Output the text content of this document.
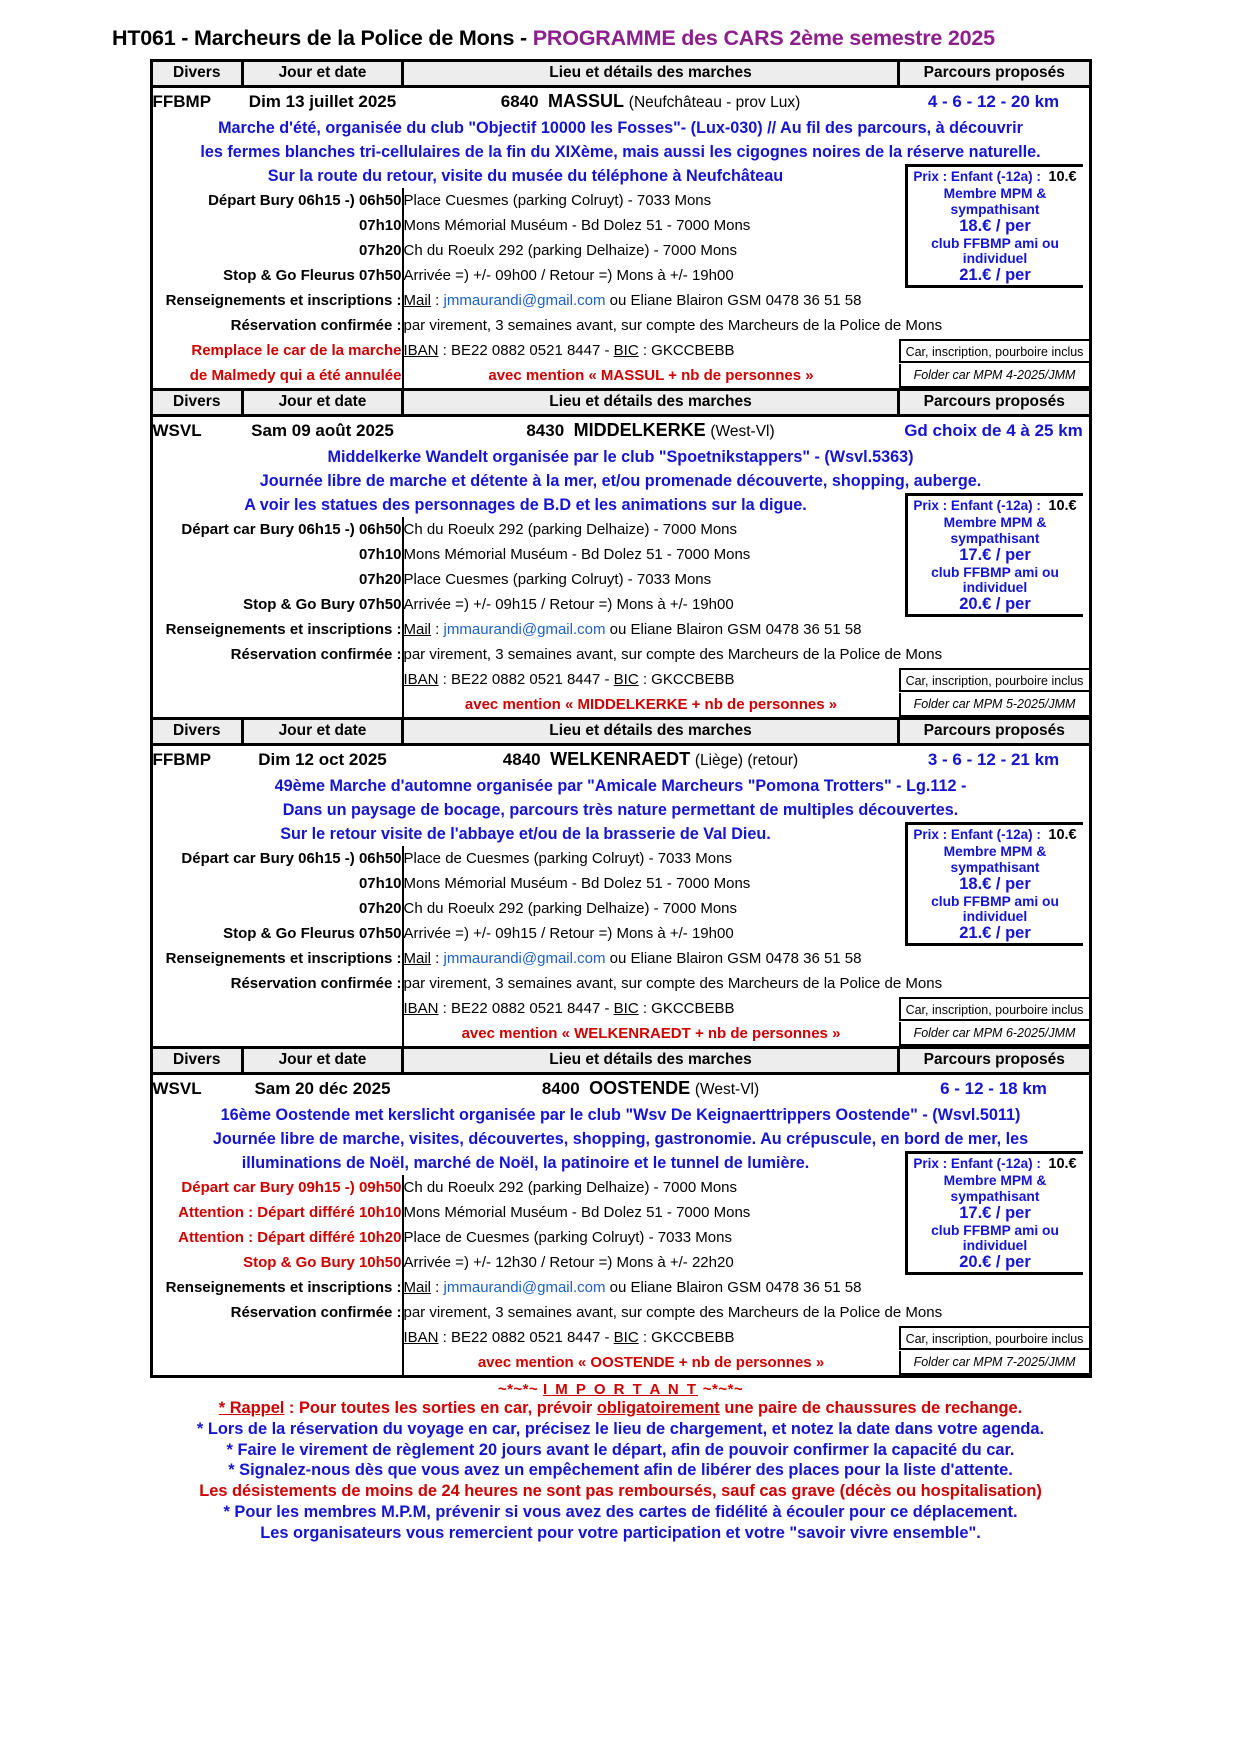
HT061 - Marcheurs de la Police de Mons - PROGRAMME des CARS 2ème semestre 2025
Divers	Jour et date	Lieu et détails des marches	Parcours proposés
FFBMP	Dim 13 juillet 2025	6840 MASSUL (Neufchâteau - prov Lux)	4 - 6 - 12 - 20 km
Marche d'été, organisée du club "Objectif 10000 les Fosses"- (Lux-030) // Au fil des parcours, à découvrir			
les fermes blanches tri-cellulaires de la fin du XIXème, mais aussi les cigognes noires de la réserve naturelle.			
Sur la route du retour, visite du musée du téléphone à Neufchâteau			Prix : Enfant (-12a) :  10.€
Membre MPM & sympathisant
18.€ / per
club FFBMP ami ou individuel
21.€ / per

Départ Bury 06h15 -) 06h50		Place Cuesmes (parking Colruyt) - 7033 Mons	
07h10		Mons Mémorial Muséum - Bd Dolez 51 - 7000 Mons	
07h20		Ch du Roeulx 292 (parking Delhaize) - 7000 Mons	
Stop & Go Fleurus 07h50		Arrivée =) +/- 09h00 / Retour =) Mons à +/- 19h00	
Renseignements et inscriptions :		Mail : jmmaurandi@gmail.com ou Eliane Blairon GSM 0478 36 51 58	
Réservation confirmée :		par virement, 3 semaines avant, sur compte des Marcheurs de la Police de Mons	
Remplace le car de la marche		IBAN : BE22 0882 0521 8447 - BIC : GKCCBEBB	Car, inscription, pourboire inclus

de Malmedy qui a été annulée		avec mention « MASSUL + nb de personnes »	Folder car MPM 4-2025/JMM

Divers	Jour et date	Lieu et détails des marches	Parcours proposés
WSVL	Sam 09 août 2025	8430 MIDDELKERKE (West-Vl)	Gd choix de 4 à 25 km
Middelkerke Wandelt organisée par le club "Spoetnikstappers" - (Wsvl.5363)			
Journée libre de marche et détente à la mer, et/ou promenade découverte, shopping, auberge.			
A voir les statues des personnages de B.D et les animations sur la digue.			Prix : Enfant (-12a) :  10.€
Membre MPM & sympathisant
17.€ / per
club FFBMP ami ou individuel
20.€ / per

Départ car Bury 06h15 -) 06h50		Ch du Roeulx 292 (parking Delhaize) - 7000 Mons	
07h10		Mons Mémorial Muséum - Bd Dolez 51 - 7000 Mons	
07h20		Place Cuesmes (parking Colruyt) - 7033 Mons	
Stop & Go Bury 07h50		Arrivée =) +/- 09h15 / Retour =) Mons à +/- 19h00	
Renseignements et inscriptions :		Mail : jmmaurandi@gmail.com ou Eliane Blairon GSM 0478 36 51 58	
Réservation confirmée :		par virement, 3 semaines avant, sur compte des Marcheurs de la Police de Mons	
		IBAN : BE22 0882 0521 8447 - BIC : GKCCBEBB	Car, inscription, pourboire inclus

		avec mention « MIDDELKERKE + nb de personnes »	Folder car MPM 5-2025/JMM

Divers	Jour et date	Lieu et détails des marches	Parcours proposés
FFBMP	Dim 12 oct 2025	4840 WELKENRAEDT (Liège) (retour)	3 - 6 - 12 - 21 km
49ème Marche d'automne organisée par "Amicale Marcheurs "Pomona Trotters" - Lg.112 -			
Dans un paysage de bocage, parcours très nature permettant de multiples découvertes.			
Sur le retour visite de l'abbaye et/ou de la brasserie de Val Dieu.			Prix : Enfant (-12a) :  10.€
Membre MPM & sympathisant
18.€ / per
club FFBMP ami ou individuel
21.€ / per

Départ car Bury 06h15 -) 06h50		Place de Cuesmes (parking Colruyt) - 7033 Mons	
07h10		Mons Mémorial Muséum - Bd Dolez 51 - 7000 Mons	
07h20		Ch du Roeulx 292 (parking Delhaize) - 7000 Mons	
Stop & Go Fleurus 07h50		Arrivée =) +/- 09h15 / Retour =) Mons à +/- 19h00	
Renseignements et inscriptions :		Mail : jmmaurandi@gmail.com ou Eliane Blairon GSM 0478 36 51 58	
Réservation confirmée :		par virement, 3 semaines avant, sur compte des Marcheurs de la Police de Mons	
		IBAN : BE22 0882 0521 8447 - BIC : GKCCBEBB	Car, inscription, pourboire inclus

		avec mention « WELKENRAEDT + nb de personnes »	Folder car MPM 6-2025/JMM

Divers	Jour et date	Lieu et détails des marches	Parcours proposés
WSVL	Sam 20 déc 2025	8400 OOSTENDE (West-Vl)	6 - 12 - 18 km
16ème Oostende met kerslicht organisée par le club "Wsv De Keignaerttrippers Oostende" - (Wsvl.5011)			
Journée libre de marche, visites, découvertes, shopping, gastronomie. Au crépuscule, en bord de mer, les			
illuminations de Noël, marché de Noël, la patinoire et le tunnel de lumière.			Prix : Enfant (-12a) :  10.€
Membre MPM & sympathisant
17.€ / per
club FFBMP ami ou individuel
20.€ / per

Départ car Bury 09h15 -) 09h50		Ch du Roeulx 292 (parking Delhaize) - 7000 Mons	
Attention : Départ différé 10h10		Mons Mémorial Muséum - Bd Dolez 51 - 7000 Mons	
Attention : Départ différé 10h20		Place de Cuesmes (parking Colruyt) - 7033 Mons	
Stop & Go Bury 10h50		Arrivée =) +/- 12h30 / Retour =) Mons à +/- 22h20	
Renseignements et inscriptions :		Mail : jmmaurandi@gmail.com ou Eliane Blairon GSM 0478 36 51 58	
Réservation confirmée :		par virement, 3 semaines avant, sur compte des Marcheurs de la Police de Mons	
		IBAN : BE22 0882 0521 8447 - BIC : GKCCBEBB	Car, inscription, pourboire inclus

		avec mention « OOSTENDE + nb de personnes »	Folder car MPM 7-2025/JMM
~*~*~ I M P O R T A N T ~*~*~
* Rappel : Pour toutes les sorties en car, prévoir obligatoirement une paire de chaussures de rechange.
* Lors de la réservation du voyage en car, précisez le lieu de chargement, et notez la date dans votre agenda.
* Faire le virement de règlement 20 jours avant le départ, afin de pouvoir confirmer la capacité du car.
* Signalez-nous dès que vous avez un empêchement afin de libérer des places pour la liste d'attente.
Les désistements de moins de 24 heures ne sont pas remboursés, sauf cas grave (décès ou hospitalisation)
* Pour les membres M.P.M, prévenir si vous avez des cartes de fidélité à écouler pour ce déplacement.
Les organisateurs vous remercient pour votre participation et votre "savoir vivre ensemble".
